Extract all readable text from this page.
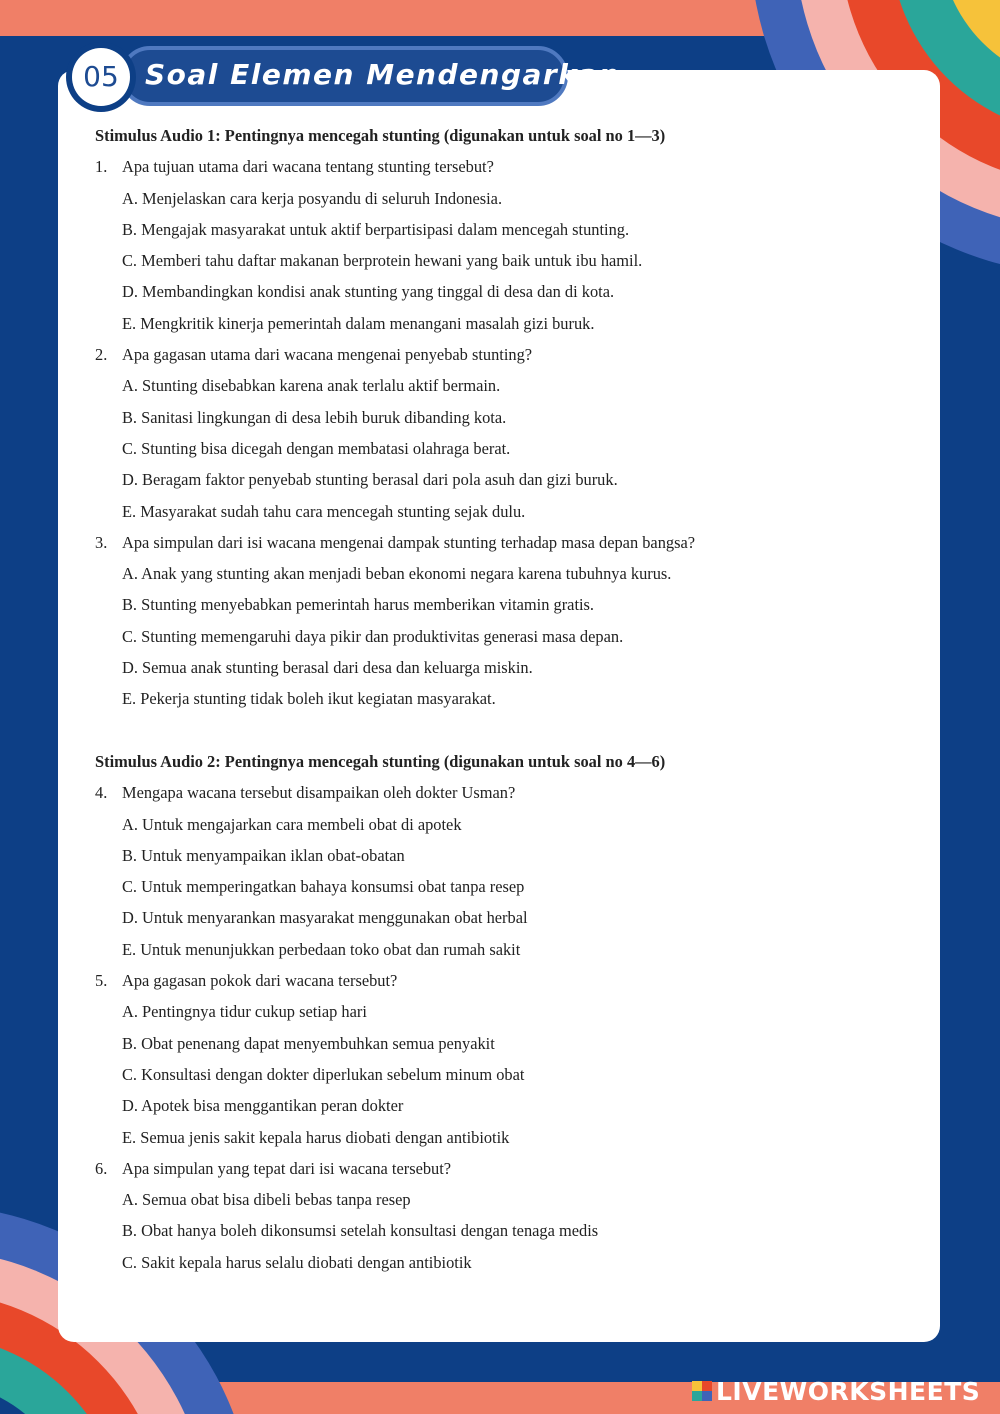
Soal Elemen Mendengarkan
05
Stimulus Audio 1: Pentingnya mencegah stunting (digunakan untuk soal no 1—3)
1. Apa tujuan utama dari wacana tentang stunting tersebut?
A. Menjelaskan cara kerja posyandu di seluruh Indonesia.
B. Mengajak masyarakat untuk aktif berpartisipasi dalam mencegah stunting.
C. Memberi tahu daftar makanan berprotein hewani yang baik untuk ibu hamil.
D. Membandingkan kondisi anak stunting yang tinggal di desa dan di kota.
E. Mengkritik kinerja pemerintah dalam menangani masalah gizi buruk.
2. Apa gagasan utama dari wacana mengenai penyebab stunting?
A. Stunting disebabkan karena anak terlalu aktif bermain.
B. Sanitasi lingkungan di desa lebih buruk dibanding kota.
C. Stunting bisa dicegah dengan membatasi olahraga berat.
D. Beragam faktor penyebab stunting berasal dari pola asuh dan gizi buruk.
E. Masyarakat sudah tahu cara mencegah stunting sejak dulu.
3. Apa simpulan dari isi wacana mengenai dampak stunting terhadap masa depan bangsa?
A. Anak yang stunting akan menjadi beban ekonomi negara karena tubuhnya kurus.
B. Stunting menyebabkan pemerintah harus memberikan vitamin gratis.
C. Stunting memengaruhi daya pikir dan produktivitas generasi masa depan.
D. Semua anak stunting berasal dari desa dan keluarga miskin.
E. Pekerja stunting tidak boleh ikut kegiatan masyarakat.
Stimulus Audio 2: Pentingnya mencegah stunting (digunakan untuk soal no 4—6)
4. Mengapa wacana tersebut disampaikan oleh dokter Usman?
A. Untuk mengajarkan cara membeli obat di apotek
B. Untuk menyampaikan iklan obat-obatan
C. Untuk memperingatkan bahaya konsumsi obat tanpa resep
D. Untuk menyarankan masyarakat menggunakan obat herbal
E. Untuk menunjukkan perbedaan toko obat dan rumah sakit
5. Apa gagasan pokok dari wacana tersebut?
A. Pentingnya tidur cukup setiap hari
B. Obat penenang dapat menyembuhkan semua penyakit
C. Konsultasi dengan dokter diperlukan sebelum minum obat
D. Apotek bisa menggantikan peran dokter
E. Semua jenis sakit kepala harus diobati dengan antibiotik
6. Apa simpulan yang tepat dari isi wacana tersebut?
A. Semua obat bisa dibeli bebas tanpa resep
B. Obat hanya boleh dikonsumsi setelah konsultasi dengan tenaga medis
C. Sakit kepala harus selalu diobati dengan antibiotik
LIVEWORKSHEETS
